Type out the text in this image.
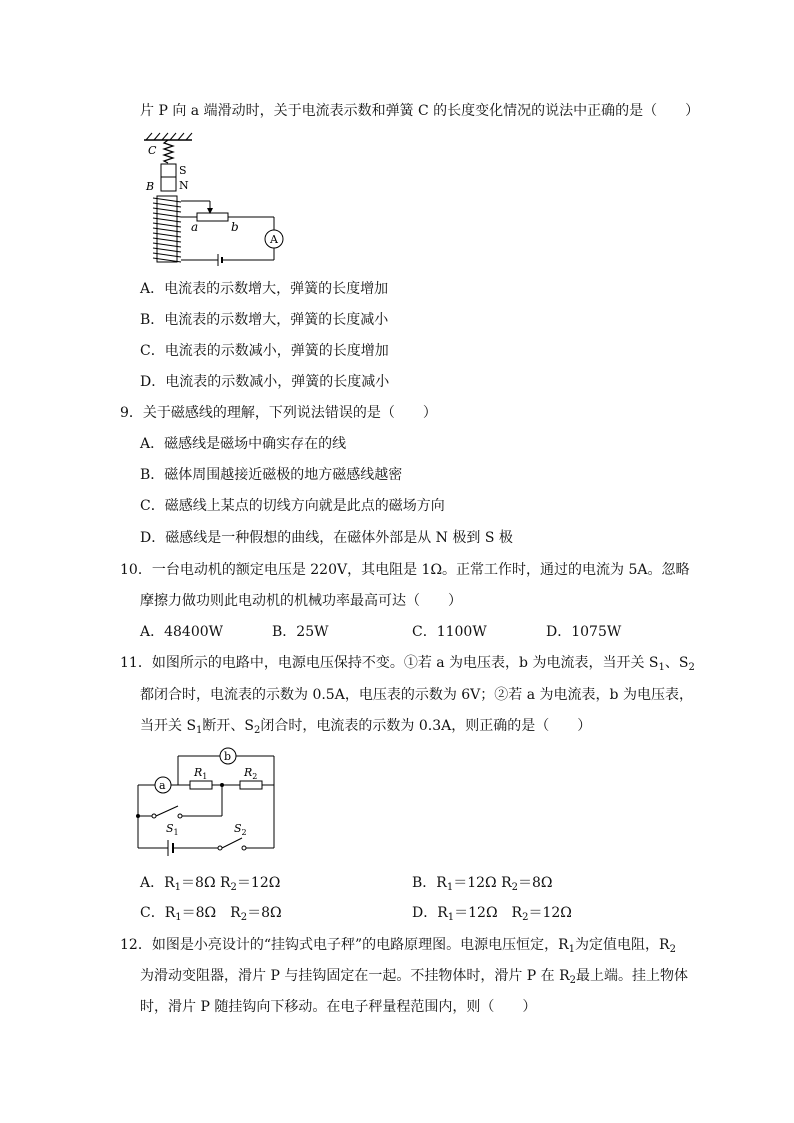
片 P 向 a 端滑动时，关于电流表示数和弹簧 C 的长度变化情况的说法中正确的是（　　）
C
S
N
B
a	b
A
A．电流表的示数增大，弹簧的长度增加
B．电流表的示数增大，弹簧的长度减小
C．电流表的示数减小，弹簧的长度增加
D．电流表的示数减小，弹簧的长度减小
9．关于磁感线的理解，下列说法错误的是（　　）
A．磁感线是磁场中确实存在的线
B．磁体周围越接近磁极的地方磁感线越密
C．磁感线上某点的切线方向就是此点的磁场方向
D．磁感线是一种假想的曲线，在磁体外部是从 N 极到 S 极
10．一台电动机的额定电压是 220V，其电阻是 1Ω。正常工作时，通过的电流为 5A。忽略
摩擦力做功则此电动机的机械功率最高可达（　　）
A．48400W	B．25W	C．1100W	D．1075W
11．如图所示的电路中，电源电压保持不变。①若 a 为电压表，b 为电流表，当开关 $S_1$、$S_2$
都闭合时，电流表的示数为 0.5A，电压表的示数为 6V；②若 a 为电流表，b 为电压表，
当开关 $S_1$断开、$S_2$闭合时，电流表的示数为 0.3A，则正确的是（　　）
b
a
$R_1$	$R_2$
$S_1$	$S_2$
A．$R_1=8\Omega$ $R_2=12\Omega$	B．$R_1=12\Omega$ $R_2=8\Omega$
C．$R_1=8\Omega$　$R_2=8\Omega$	D．$R_1=12\Omega$　$R_2=12\Omega$
12．如图是小亮设计的“挂钩式电子秤”的电路原理图。电源电压恒定，$R_1$为定值电阻，$R_2$
为滑动变阻器，滑片 P 与挂钩固定在一起。不挂物体时，滑片 P 在 $R_2$最上端。挂上物体
时，滑片 P 随挂钩向下移动。在电子秤量程范围内，则（　　）
